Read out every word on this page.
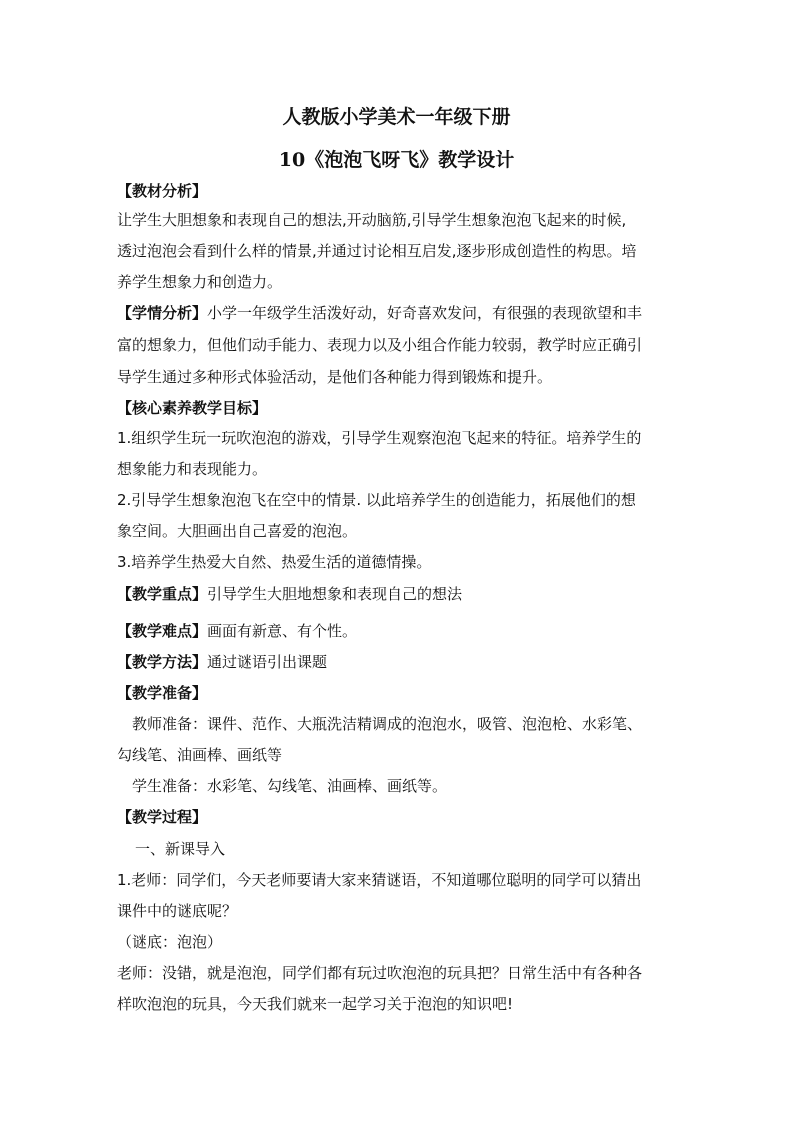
人教版小学美术一年级下册
10《泡泡飞呀飞》教学设计
【教材分析】
让学生大胆想象和表现自己的想法,开动脑筋,引导学生想象泡泡飞起来的时候,
透过泡泡会看到什么样的情景,并通过讨论相互启发,逐步形成创造性的构思。培
养学生想象力和创造力。
【学情分析】小学一年级学生活泼好动，好奇喜欢发问，有很强的表现欲望和丰
富的想象力，但他们动手能力、表现力以及小组合作能力较弱，教学时应正确引
导学生通过多种形式体验活动，是他们各种能力得到锻炼和提升。
【核心素养教学目标】
1.组织学生玩一玩吹泡泡的游戏，引导学生观察泡泡飞起来的特征。培养学生的
想象能力和表现能力。
2.引导学生想象泡泡飞在空中的情景. 以此培养学生的创造能力，拓展他们的想
象空间。大胆画出自己喜爱的泡泡。
3.培养学生热爱大自然、热爱生活的道德情操。
【教学重点】引导学生大胆地想象和表现自己的想法
【教学难点】画面有新意、有个性。
【教学方法】通过谜语引出课题
【教学准备】
教师准备：课件、范作、大瓶洗洁精调成的泡泡水，吸管、泡泡枪、水彩笔、
勾线笔、油画棒、画纸等
学生准备：水彩笔、勾线笔、油画棒、画纸等。
【教学过程】
一、新课导入
1.老师：同学们，今天老师要请大家来猜谜语，不知道哪位聪明的同学可以猜出
课件中的谜底呢？
（谜底：泡泡）
老师：没错，就是泡泡，同学们都有玩过吹泡泡的玩具把？日常生活中有各种各
样吹泡泡的玩具，今天我们就来一起学习关于泡泡的知识吧!
